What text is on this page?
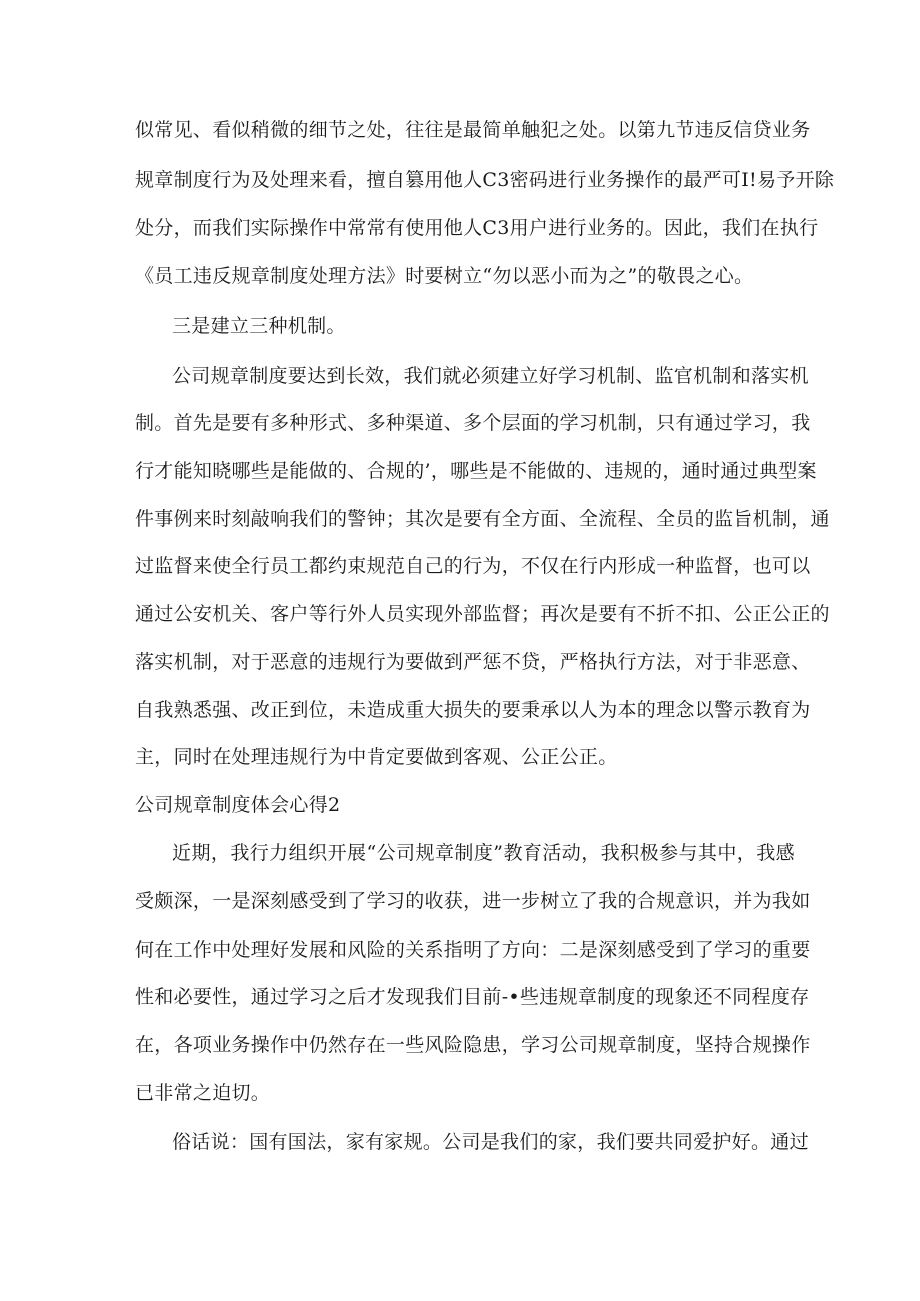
似常见、看似稍微的细节之处，往往是最简单触犯之处。以第九节违反信贷业务
规章制度行为及处理来看，擅自篡用他人C3密码进行业务操作的最严可I!易予开除
处分，而我们实际操作中常常有使用他人C3用户进行业务的。因此，我们在执行
《员工违反规章制度处理方法》时要树立“勿以恶小而为之”的敬畏之心。
三是建立三种机制。
公司规章制度要达到长效，我们就必须建立好学习机制、监官机制和落实机
制。首先是要有多种形式、多种渠道、多个层面的学习机制，只有通过学习，我
行才能知晓哪些是能做的、合规的’，哪些是不能做的、违规的，通时通过典型案
件事例来时刻敲响我们的警钟；其次是要有全方面、全流程、全员的监旨机制，通
过监督来使全行员工都约束规范自己的行为，不仅在行内形成一种监督，也可以
通过公安机关、客户等行外人员实现外部监督；再次是要有不折不扣、公正公正的
落实机制，对于恶意的违规行为要做到严惩不贷，严格执行方法，对于非恶意、
自我熟悉强、改正到位，未造成重大损失的要秉承以人为本的理念以警示教育为
主，同时在处理违规行为中肯定要做到客观、公正公正。
公司规章制度体会心得2
近期，我行力组织开展“公司规章制度”教育活动，我积极参与其中，我感
受颇深，一是深刻感受到了学习的收获，进一步树立了我的合规意识，并为我如
何在工作中处理好发展和风险的关系指明了方向：二是深刻感受到了学习的重要
性和必要性，通过学习之后才发现我们目前-•些违规章制度的现象还不同程度存
在，各项业务操作中仍然存在一些风险隐患，学习公司规章制度，坚持合规操作
已非常之迫切。
俗话说：国有国法，家有家规。公司是我们的家，我们要共同爱护好。通过
